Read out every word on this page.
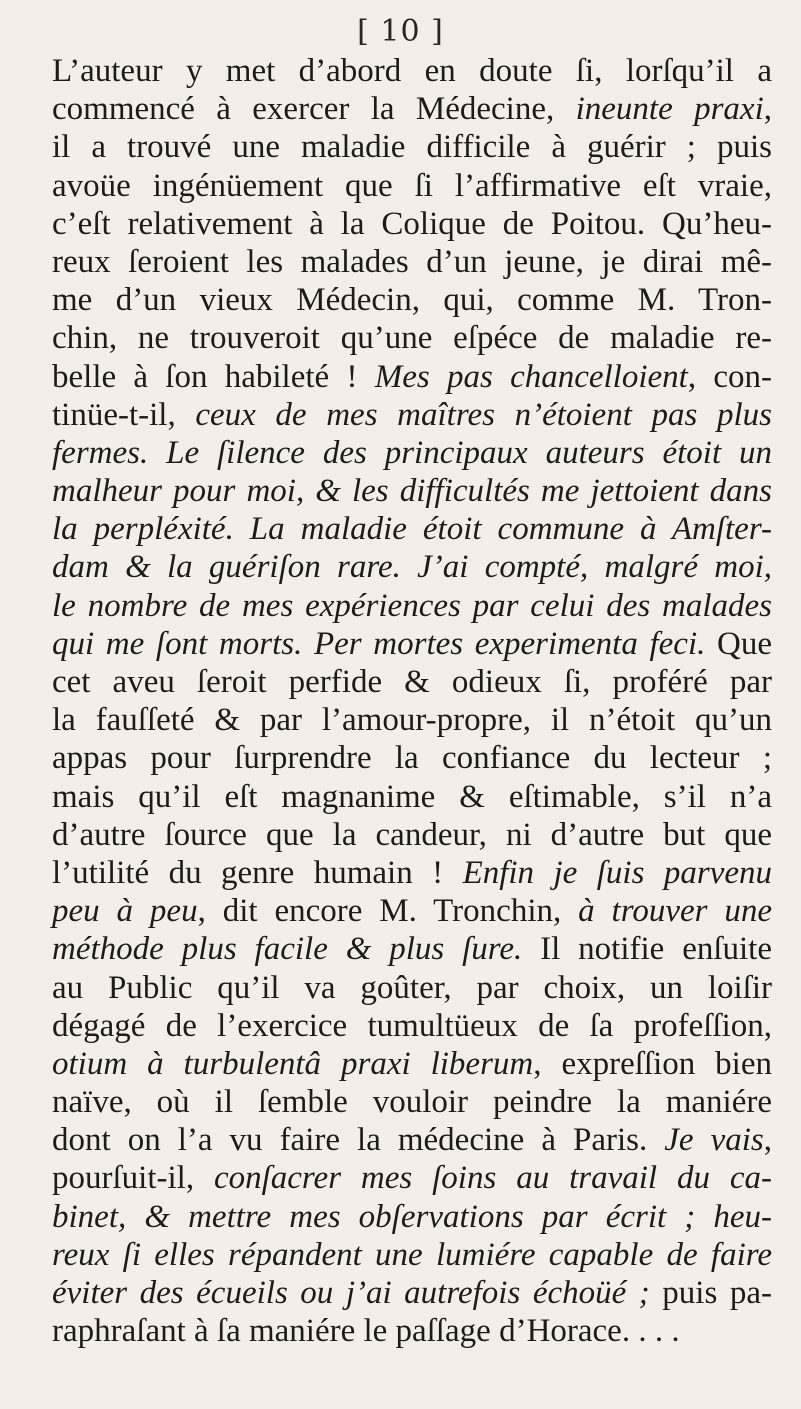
[ 10 ]
L’auteur y met d’abord en doute ſi, lorſqu’il a
commencé à exercer la Médecine, ineunte praxi,
il a trouvé une maladie difficile à guérir ; puis
avoüe ingénüement que ſi l’affirmative eſt vraie,
c’eſt relativement à la Colique de Poitou. Qu’heu-
reux ſeroient les malades d’un jeune, je dirai mê-
me d’un vieux Médecin, qui, comme M. Tron-
chin, ne trouveroit qu’une eſpéce de maladie re-
belle à ſon habileté ! Mes pas chancelloient, con-
tinüe-t-il, ceux de mes maîtres n’étoient pas plus
fermes. Le ſilence des principaux auteurs étoit un
malheur pour moi, & les difficultés me jettoient dans
la perpléxité. La maladie étoit commune à Amſter-
dam & la guériſon rare. J’ai compté, malgré moi,
le nombre de mes expériences par celui des malades
qui me ſont morts. Per mortes experimenta feci. Que
cet aveu ſeroit perfide & odieux ſi, proféré par
la fauſſeté & par l’amour-propre, il n’étoit qu’un
appas pour ſurprendre la confiance du lecteur ;
mais qu’il eſt magnanime & eſtimable, s’il n’a
d’autre ſource que la candeur, ni d’autre but que
l’utilité du genre humain ! Enfin je ſuis parvenu
peu à peu, dit encore M. Tronchin, à trouver une
méthode plus facile & plus ſure. Il notifie enſuite
au Public qu’il va goûter, par choix, un loiſir
dégagé de l’exercice tumultüeux de ſa profeſſion,
otium à turbulentâ praxi liberum, expreſſion bien
naïve, où il ſemble vouloir peindre la maniére
dont on l’a vu faire la médecine à Paris. Je vais,
pourſuit-il, conſacrer mes ſoins au travail du ca-
binet, & mettre mes obſervations par écrit ; heu-
reux ſi elles répandent une lumiére capable de faire
éviter des écueils ou j’ai autrefois échoüé ; puis pa-
raphraſant à ſa maniére le paſſage d’Horace. . . .
